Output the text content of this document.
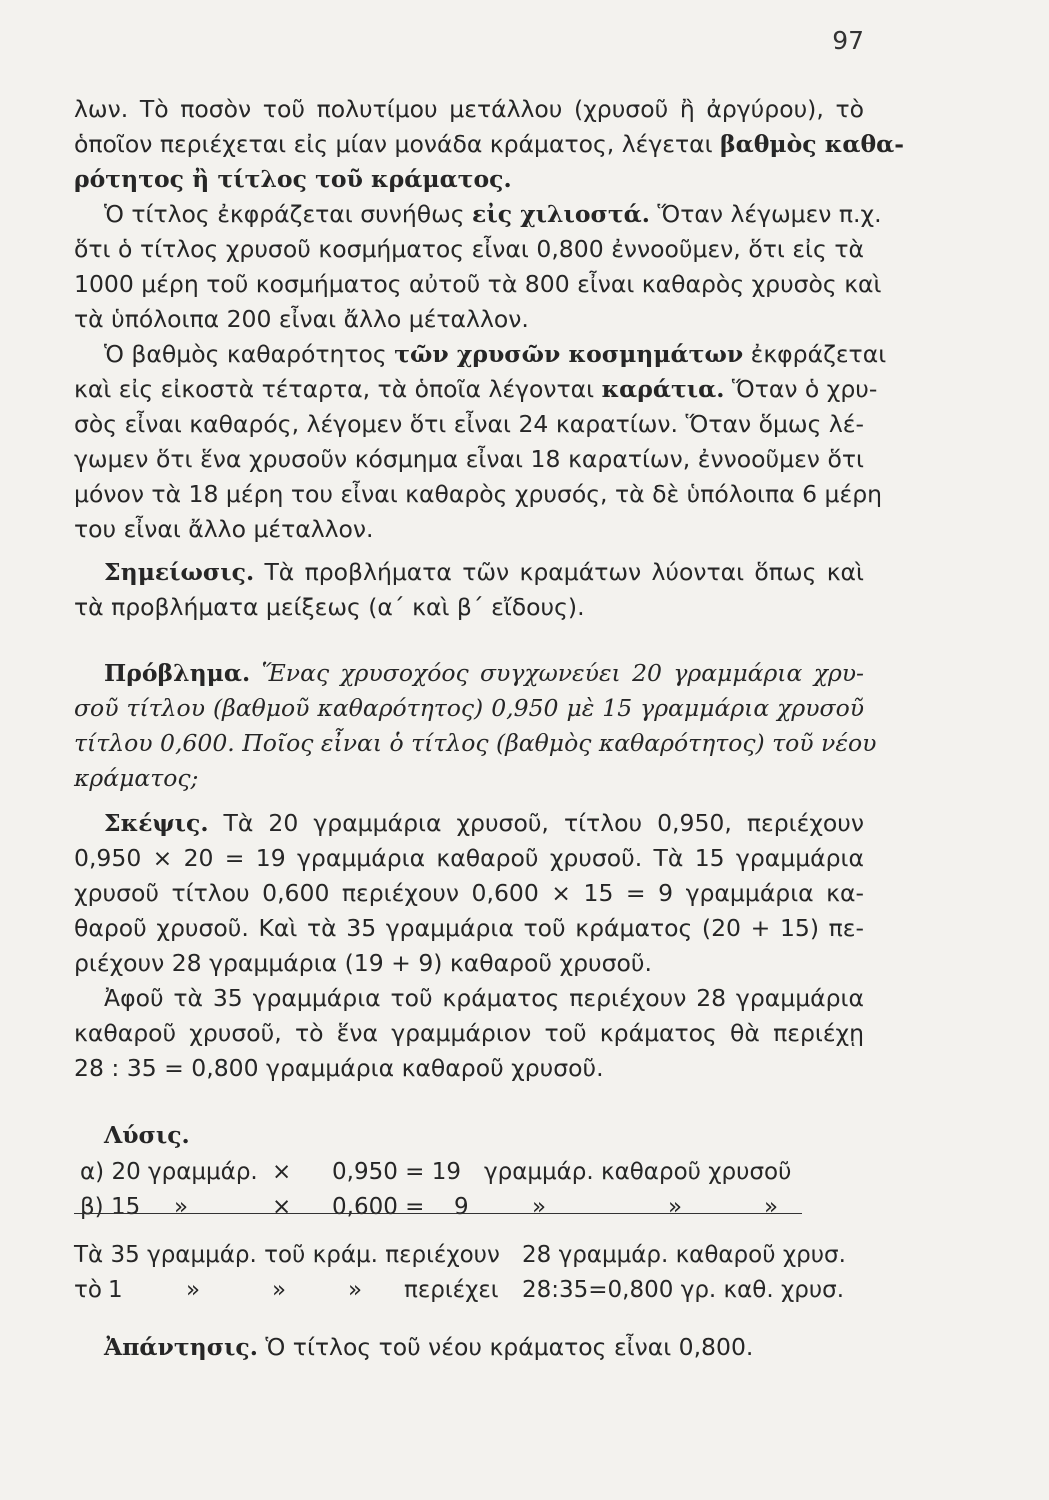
97
λων. Τὸ ποσὸν τοῦ πολυτίμου μετάλλου (χρυσοῦ ἢ ἀργύρου), τὸ
ὁποῖον περιέχεται εἰς μίαν μονάδα κράματος, λέγεται βαθμὸς καθα-
ρότητος ἢ τίτλος τοῦ κράματος.
Ὁ τίτλος ἐκφράζεται συνήθως εἰς χιλιοστά. Ὅταν λέγωμεν π.χ.
ὅτι ὁ τίτλος χρυσοῦ κοσμήματος εἶναι 0,800 ἐννοοῦμεν, ὅτι εἰς τὰ
1000 μέρη τοῦ κοσμήματος αὐτοῦ τὰ 800 εἶναι καθαρὸς χρυσὸς καὶ
τὰ ὑπόλοιπα 200 εἶναι ἄλλο μέταλλον.
Ὁ βαθμὸς καθαρότητος τῶν χρυσῶν κοσμημάτων ἐκφράζεται
καὶ εἰς εἰκοστὰ τέταρτα, τὰ ὁποῖα λέγονται καράτια. Ὅταν ὁ χρυ-
σὸς εἶναι καθαρός, λέγομεν ὅτι εἶναι 24 καρατίων. Ὅταν ὅμως λέ-
γωμεν ὅτι ἕνα χρυσοῦν κόσμημα εἶναι 18 καρατίων, ἐννοοῦμεν ὅτι
μόνον τὰ 18 μέρη του εἶναι καθαρὸς χρυσός, τὰ δὲ ὑπόλοιπα 6 μέρη
του εἶναι ἄλλο μέταλλον.
Σημείωσις. Τὰ προβλήματα τῶν κραμάτων λύονται ὅπως καὶ
τὰ προβλήματα μείξεως (α΄ καὶ β΄ εἴδους).
Πρόβλημα. Ἕνας χρυσοχόος συγχωνεύει 20 γραμμάρια χρυ-
σοῦ τίτλου (βαθμοῦ καθαρότητος) 0,950 μὲ 15 γραμμάρια χρυσοῦ
τίτλου 0,600. Ποῖος εἶναι ὁ τίτλος (βαθμὸς καθαρότητος) τοῦ νέου
κράματος;
Σκέψις. Τὰ 20 γραμμάρια χρυσοῦ, τίτλου 0,950, περιέχουν
0,950 × 20 = 19 γραμμάρια καθαροῦ χρυσοῦ. Τὰ 15 γραμμάρια
χρυσοῦ τίτλου 0,600 περιέχουν 0,600 × 15 = 9 γραμμάρια κα-
θαροῦ χρυσοῦ. Καὶ τὰ 35 γραμμάρια τοῦ κράματος (20 + 15) πε-
ριέχουν 28 γραμμάρια (19 + 9) καθαροῦ χρυσοῦ.
Ἀφοῦ τὰ 35 γραμμάρια τοῦ κράματος περιέχουν 28 γραμμάρια
καθαροῦ χρυσοῦ, τὸ ἕνα γραμμάριον τοῦ κράματος θὰ περιέχῃ
28 : 35 = 0,800 γραμμάρια καθαροῦ χρυσοῦ.
Λύσις.
α) 20 γραμμάρ. × 0,950 = 19 γραμμάρ. καθαροῦ χρυσοῦ
β) 15 »	× 0,600 = 9	»	»	»
Τὰ 35 γραμμάρ. τοῦ κράμ. περιέχουν 28 γραμμάρ. καθαροῦ χρυσ.
τὸ 1	»	»	» περιέχει 28:35=0,800 γρ. καθ. χρυσ.
Ἀπάντησις. Ὁ τίτλος τοῦ νέου κράματος εἶναι 0,800.
